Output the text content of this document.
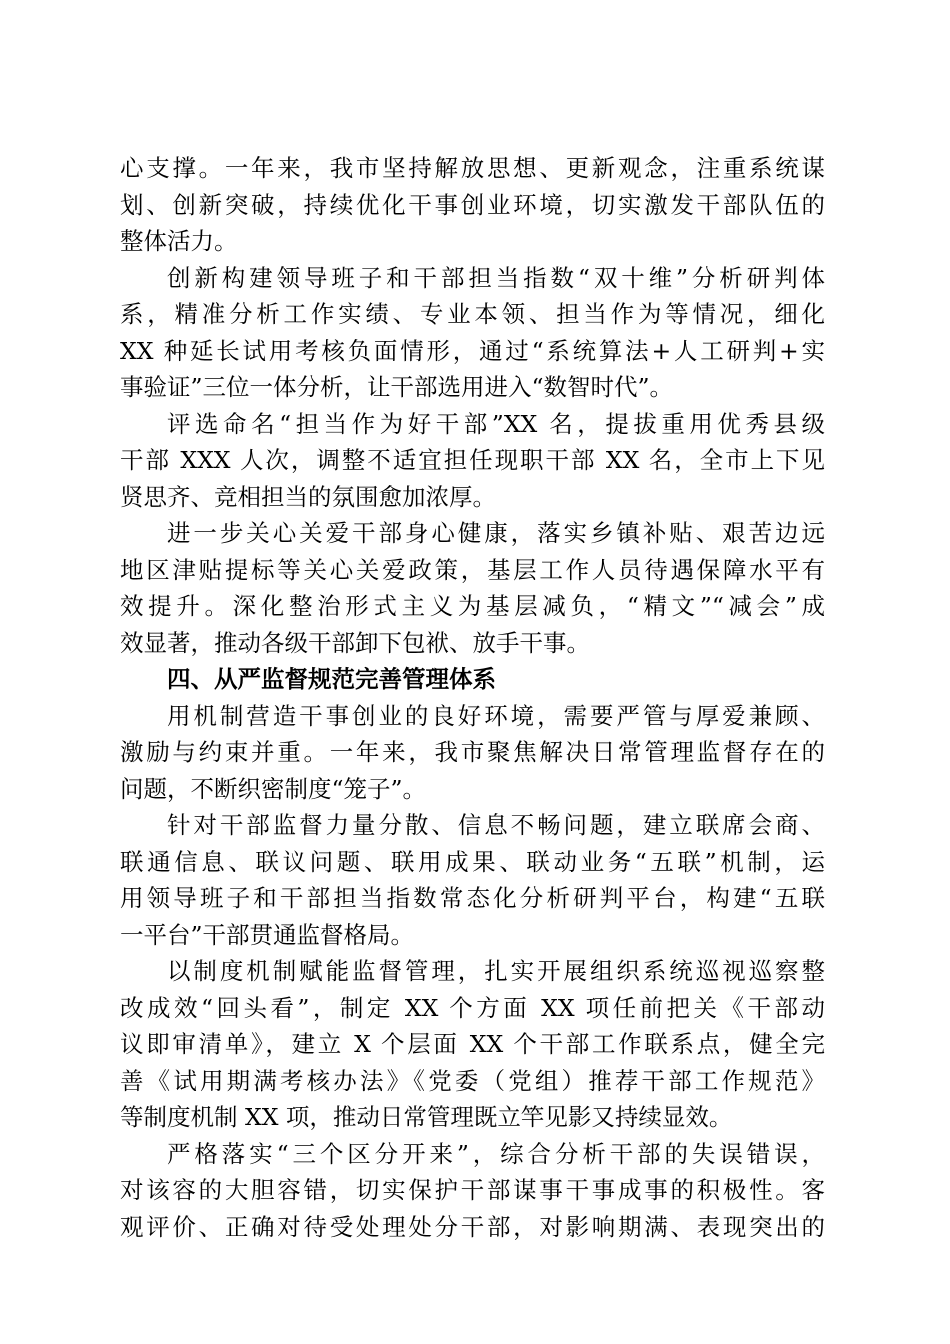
心支撑。一年来，我市坚持解放思想、更新观念，注重系统谋
划、创新突破，持续优化干事创业环境，切实激发干部队伍的
整体活力。
创新构建领导班子和干部担当指数“双十维”分析研判体
系，精准分析工作实绩、专业本领、担当作为等情况，细化
XX 种延长试用考核负面情形，通过“系统算法+人工研判+实
事验证”三位一体分析，让干部选用进入“数智时代”。
评选命名“担当作为好干部”XX 名，提拔重用优秀县级
干部 XXX 人次，调整不适宜担任现职干部 XX 名，全市上下见
贤思齐、竞相担当的氛围愈加浓厚。
进一步关心关爱干部身心健康，落实乡镇补贴、艰苦边远
地区津贴提标等关心关爱政策，基层工作人员待遇保障水平有
效提升。深化整治形式主义为基层减负，“精文”“减会”成
效显著，推动各级干部卸下包袱、放手干事。
四、从严监督规范完善管理体系
用机制营造干事创业的良好环境，需要严管与厚爱兼顾、
激励与约束并重。一年来，我市聚焦解决日常管理监督存在的
问题，不断织密制度“笼子”。
针对干部监督力量分散、信息不畅问题，建立联席会商、
联通信息、联议问题、联用成果、联动业务“五联”机制，运
用领导班子和干部担当指数常态化分析研判平台，构建“五联
一平台”干部贯通监督格局。
以制度机制赋能监督管理，扎实开展组织系统巡视巡察整
改成效“回头看”，制定 XX 个方面 XX 项任前把关《干部动
议即审清单》，建立 X 个层面 XX 个干部工作联系点，健全完
善《试用期满考核办法》《党委（党组）推荐干部工作规范》
等制度机制 XX 项，推动日常管理既立竿见影又持续显效。
严格落实“三个区分开来”，综合分析干部的失误错误，
对该容的大胆容错，切实保护干部谋事干事成事的积极性。客
观评价、正确对待受处理处分干部，对影响期满、表现突出的
